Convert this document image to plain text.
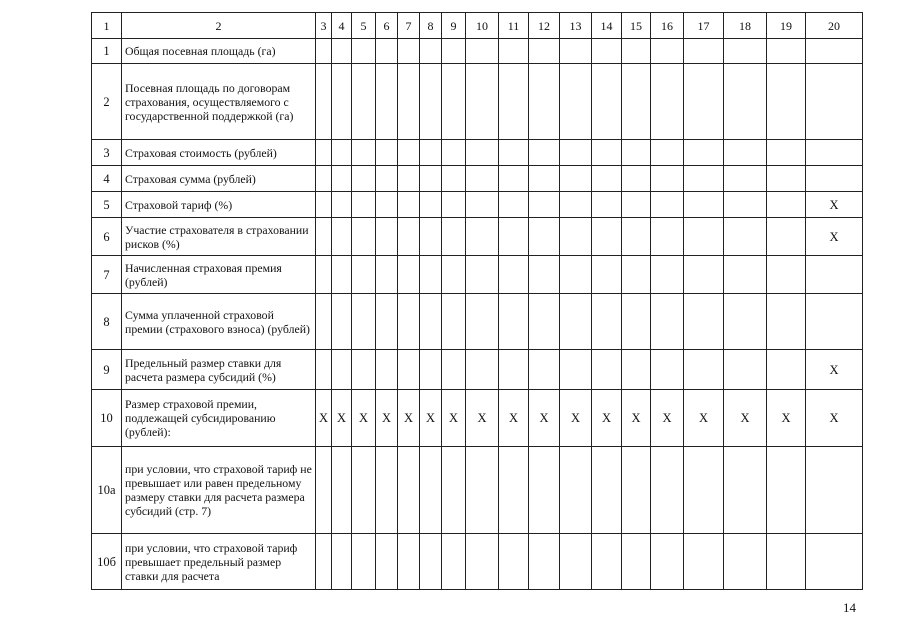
1	2	3	4	5	6	7	8	9	10	11	12	13	14	15	16	17	18	19	20
1	Общая посевная площадь (га)																		
2	Посевная площадь по договорам страхования, осуществляемого с государственной поддержкой (га)																		
3	Страховая стоимость (рублей)																		
4	Страховая сумма (рублей)																		
5	Страховой тариф (%)																		X
6	Участие страхователя в страховании рисков (%)																		X
7	Начисленная страховая премия (рублей)																		
8	Сумма уплаченной страховой премии (страхового взноса) (рублей)																		
9	Предельный размер ставки для расчета размера субсидий (%)																		X
10	Размер страховой премии, подлежащей субсидированию (рублей):	X	X	X	X	X	X	X	X	X	X	X	X	X	X	X	X	X	X
10а	при условии, что страховой тариф не превышает или равен предельному размеру ставки для расчета размера субсидий (стр. 7)																		
10б	при условии, что страховой тариф превышает предельный размер ставки для расчета																		
14
